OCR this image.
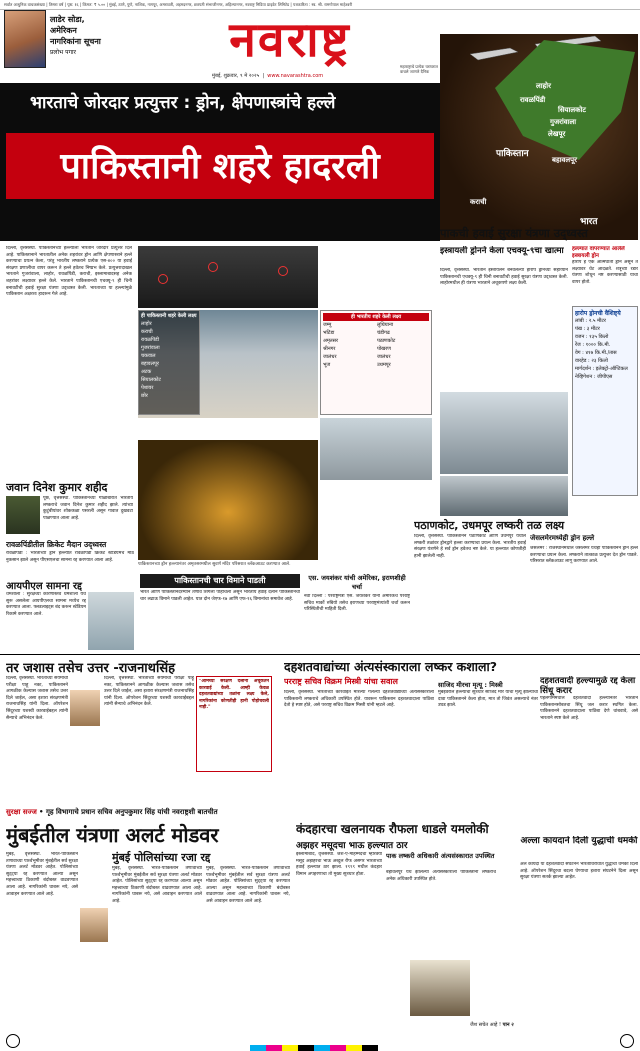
सर्वात आधुनिक वाचकसंख्या | तिसरा वर्ष | पृष्ठ: १६ | किंमत: ₹ ५.०० | मुंबई, ठाणे, पुणे, नाशिक, नागपूर, अमरावती, अहमदनगर, छत्रपती संभाजीनगर, अहिल्यानगर, नवराष्ट्र मिडिया प्राइवेट लिमिटेड | पत्रकारिता : स्व. श्री. रामगोपाल माहेश्वरी
लाडेर सोडा,
अमेरिकन
नागरिकांना सूचना
प्रलोभ पगार	नवराष्ट्र	महाराष्ट्राचे प्रत्येक घराघरात वाचले जाणारे दैनिक
मुंबई, शुक्रवार, ९ मे २०२५  |  www.navarashtra.com
लाहोर
रावळपिंडी
सियालकोट
गुजरांवाला
लेखपूर
पाकिस्तान
बहावलपूर
कराची
भारत
भारताचे जोरदार प्रत्युत्तर : ड्रोन, क्षेपणास्त्रांचे हल्ले
पाकिस्तानी शहरे हादरली
दिल्ली, वृत्तसंस्था. पाकिस्तानच्या हल्ल्याला भारताने जोरदार प्रत्युत्तर दिले आहे. पाकिस्तानाने भारतातील अनेक शहरांवर ड्रोन आणि क्षेपणास्त्राने हल्ले करण्याचा प्रयत्न केला, परंतु भारतीय लष्कराने प्रत्येक एस-४०० या हवाई संरक्षण प्रणालीचा वापर करून ते हल्ले हवेतच निष्प्रभ केले. प्रत्युत्तरादाखल भारताने गुजरांवाला, लाहोर, रावळपिंडी, कराची, इस्लामाबादसह अनेक शहरांवर लक्ष्यावर हल्ले केले. भारताने पाकिस्तानची एचक्यू-९ ही चिनी बनावटीची हवाई सुरक्षा यंत्रणा उद्ध्वस्त केली. भारताच्या या हल्ल्यांमुळे पाकिस्तान अक्षरशः हादरून गेले आहे.
ही भारतीय शहरे केली लक्ष्य
जम्मू	लुधियाना
भटिंडा	चंडीगढ
अमृतसर	पठाणकोट
श्रीनगर	पोखरण
जालंधर	जालंधर
भूज	उधमपूर
ही पाकिस्तानी शहरे केली लक्ष्य
लाहोर
कराची
रावळपिंडी
गुजरांवाला
चकवाल
बहावलपूर
अटक
सियालकोट
पेशावर
छोर
पाकिस्तानच्या ड्रोन हल्ल्यानंतर अमृतसरमधील सुवर्ण मंदिर परिसरात ब्लॅकआउट करण्यात आले.
जवान दिनेश कुमार शहीद
पूंछ, वृत्तसंस्था. पाकिस्तानच्या गोळीबारात भारतीय लष्कराचे जवान दिनेश कुमार शहीद झाले. त्यांच्या कुटुंबीयांवर शोककळा पसरली असून गावात दुखवटा पाळण्यात आला आहे.
रावळपिंडीतील क्रिकेट मैदान उद्ध्वस्त
रावळपिंडी : भारताच्या ड्रोन हल्ल्यात रावळपिंडी क्रिकेट स्टेडियमचे मोठे नुकसान झाले असून पीएसएलचा सामना रद्द करण्यात आला आहे.
आयपीएल सामना रद्द
धर्मशाला : सुरक्षेच्या कारणास्तव धर्मशाला येथे सुरू असलेला आयपीएलचा सामना मध्येच रद्द करण्यात आला. फ्लडलाइट्स बंद करून स्टेडियम रिकामे करण्यात आले.
पाकिस्तानची चार विमाने पाडली
भारत आणि पाकिस्तानदरम्यान तणाव शिगेला पोहोचला असून भारतीय हवाई दलाने पाकिस्तानची चार लढाऊ विमाने पाडली आहेत. यात दोन जेएफ-१७ आणि एफ-१६ विमानांचा समावेश आहे.
एस. जयशंकर यांची अमेरिका, इराणशीही चर्चा
नवी दिल्ली : परराष्ट्रमंत्री एस. जयशंकर यांनी अमेरिकेचे परराष्ट्र सचिव मार्को रुबियो तसेच इराणच्या परराष्ट्रमंत्र्यांशी चर्चा करून परिस्थितीची माहिती दिली.
पाकची हवाई सुरक्षा यंत्रणा उद्ध्वस्त
इस्त्रायली ड्रोनने केला एचक्यू-९चा खात्मा
दिल्ली, वृत्तसंस्था. भारताने इस्त्रायलने बनवलेल्या हारोप ड्रोनच्या सहाय्याने पाकिस्तानची एचक्यू-९ ही चिनी बनावटीची हवाई सुरक्षा यंत्रणा उद्ध्वस्त केली. लाहोरमधील ही यंत्रणा भारताने अचूकपणे लक्ष्य केली.
हल्ल्यात वापरण्यात आलेले इस्त्रायली ड्रोन
हारोप हे एक आत्मघाती ड्रोन असून ते लक्ष्यावर थेट आदळते. शत्रूच्या रडार यंत्रणा शोधून नष्ट करण्यासाठी याचा वापर होतो.
हारोप ड्रोनची वैशिष्ट्ये
लांबी : २.५ मीटर
पंख : ३ मीटर
वजन : १३५ किलो
रेंज : १००० कि.मी.
वेग : ४१७ कि.मी./तास
वारहेड : २३ किलो
मार्गदर्शन : इलेक्ट्रो-ऑप्टिकल
नेव्हिगेशन : जीपीएस
पठाणकोट, उधमपूर लष्करी तळ लक्ष्य
दिल्ली, वृत्तसंस्था. पाकिस्तानने पठाणकोट आणि उधमपूर येथील लष्करी तळांवर ड्रोनद्वारे हल्ला करण्याचा प्रयत्न केला. भारतीय हवाई संरक्षण यंत्रणेने हे सर्व ड्रोन हवेतच नष्ट केले. या हल्ल्यात कोणतीही हानी झालेली नाही.
जेसलमेरमध्येही ड्रोन हल्ले
जेसलमेर : राजस्थानमधील जेसलमेर येथेही पाकिस्तानने ड्रोन हल्ले करण्याचा प्रयत्न केला. लष्कराने तात्काळ प्रत्युत्तर देत ड्रोन पाडले. परिसरात ब्लॅकआउट लागू करण्यात आले.
तर जशास तसेच उत्तर -राजनाथसिंह
दिल्ली, वृत्तसंस्था. भारताच्या संयमाची परीक्षा पाहू नका, पाकिस्तानने आगळीक केल्यास जशास तसेच उत्तर दिले जाईल, असा इशारा संरक्षणमंत्री राजनाथसिंह यांनी दिला. ऑपरेशन सिंदूरच्या यशस्वी कारवाईबद्दल त्यांनी सैन्याचे अभिनंदन केले.
दिल्ली, वृत्तसंस्था. भारताच्या संयमाची परीक्षा पाहू नका, पाकिस्तानने आगळीक केल्यास जशास तसेच उत्तर दिले जाईल, असा इशारा संरक्षणमंत्री राजनाथसिंह यांनी दिला. ऑपरेशन सिंदूरच्या यशस्वी कारवाईबद्दल त्यांनी सैन्याचे अभिनंदन केले.
"आमच्या संरक्षण दलांनी अचूकतेने कारवाई केली. आम्ही केवळ दहशतवाद्यांच्या तळांना लक्ष्य केले, नागरिकांना कोणतीही हानी पोहोचवली नाही."
दहशतवाद्यांच्या अंत्यसंस्काराला लष्कर कशाला?
परराष्ट्र सचिव विक्रम मिस्त्री यांचा सवाल
दिल्ली, वृत्तसंस्था. भारताच्या कारवाईत मारल्या गेलेल्या दहशतवाद्यांच्या अंत्यसंस्काराला पाकिस्तानी लष्कराचे अधिकारी उपस्थित होते. यावरून पाकिस्तान दहशतवादाला पाठिंबा देतो हे स्पष्ट होते, असे परराष्ट्र सचिव विक्रम मिस्त्री यांनी म्हटले आहे.
साजिद मीरचा मृत्यू : मिस्त्री
मुंबईवरील हल्ल्याचा सूत्रधार साजिद मीर याचा मृत्यू झाल्याचा दावा पाकिस्तानने केला होता, मात्र तो जिवंत असल्याचे नंतर उघड झाले.
दहशतवादी हल्ल्यामुळे रद्द केला सिंधू करार
पहलगाममधील दहशतवादी हल्ल्यानंतर भारताने पाकिस्तानसोबतचा सिंधू जल करार स्थगित केला. पाकिस्तानने दहशतवादाला पाठिंबा देणे थांबवावे, असे भारताने स्पष्ट केले आहे.
सुरक्षा सज्ज • गृह विभागाचे प्रधान सचिव अनुपकुमार सिंह यांची नवराष्ट्रशी बातचीत
मुंबईतील यंत्रणा अलर्ट मोडवर
मुंबई पोलिसांच्या रजा रद्द
मुंबई, वृत्तसंस्था. भारत-पाकिस्तान तणावाच्या पार्श्वभूमीवर मुंबईतील सर्व सुरक्षा यंत्रणा अलर्ट मोडवर आहेत. पोलिसांच्या सुट्ट्या रद्द करण्यात आल्या असून महत्त्वाच्या ठिकाणी बंदोबस्त वाढवण्यात आला आहे. नागरिकांनी घाबरू नये, असे आवाहन करण्यात आले आहे.
मुंबई, वृत्तसंस्था. भारत-पाकिस्तान तणावाच्या पार्श्वभूमीवर मुंबईतील सर्व सुरक्षा यंत्रणा अलर्ट मोडवर आहेत. पोलिसांच्या सुट्ट्या रद्द करण्यात आल्या असून महत्त्वाच्या ठिकाणी बंदोबस्त वाढवण्यात आला आहे. नागरिकांनी घाबरू नये, असे आवाहन करण्यात आले आहे.
मुंबई, वृत्तसंस्था. भारत-पाकिस्तान तणावाच्या पार्श्वभूमीवर मुंबईतील सर्व सुरक्षा यंत्रणा अलर्ट मोडवर आहेत. पोलिसांच्या सुट्ट्या रद्द करण्यात आल्या असून महत्त्वाच्या ठिकाणी बंदोबस्त वाढवण्यात आला आहे. नागरिकांनी घाबरू नये, असे आवाहन करण्यात आले आहे.
कंदहारचा खलनायक रौफला धाडले यमलोकी
अझहर मसूदचा भाऊ हल्ल्यात ठार
इस्लामाबाद, वृत्तसंस्था. जैश-ए-मोहम्मदचा म्होरक्या मसूद अझहरचा भाऊ अब्दुल रौफ असगर भारताच्या हवाई हल्ल्यात ठार झाला. १९९९ मधील कंदहार विमान अपहरणाचा तो मुख्य सूत्रधार होता.
पाक लष्करी अधिकारी अंत्यसंस्कारात उपस्थित
बहावलपूर येथे झालेल्या अंत्यसंस्काराला पाकिस्तानी लष्कराचे अनेक अधिकारी उपस्थित होते.
अल्ला कायदाने दिली युद्धाची धमकी
अल कायदा या दहशतवादी संघटनेने भारताविरोधात युद्धाची धमकी दिली आहे. ऑपरेशन सिंदूरचा बदला घेण्याचा इशारा संघटनेने दिला असून सुरक्षा यंत्रणा सतर्क झाल्या आहेत.
जैश सचेत आहे ! पान २
